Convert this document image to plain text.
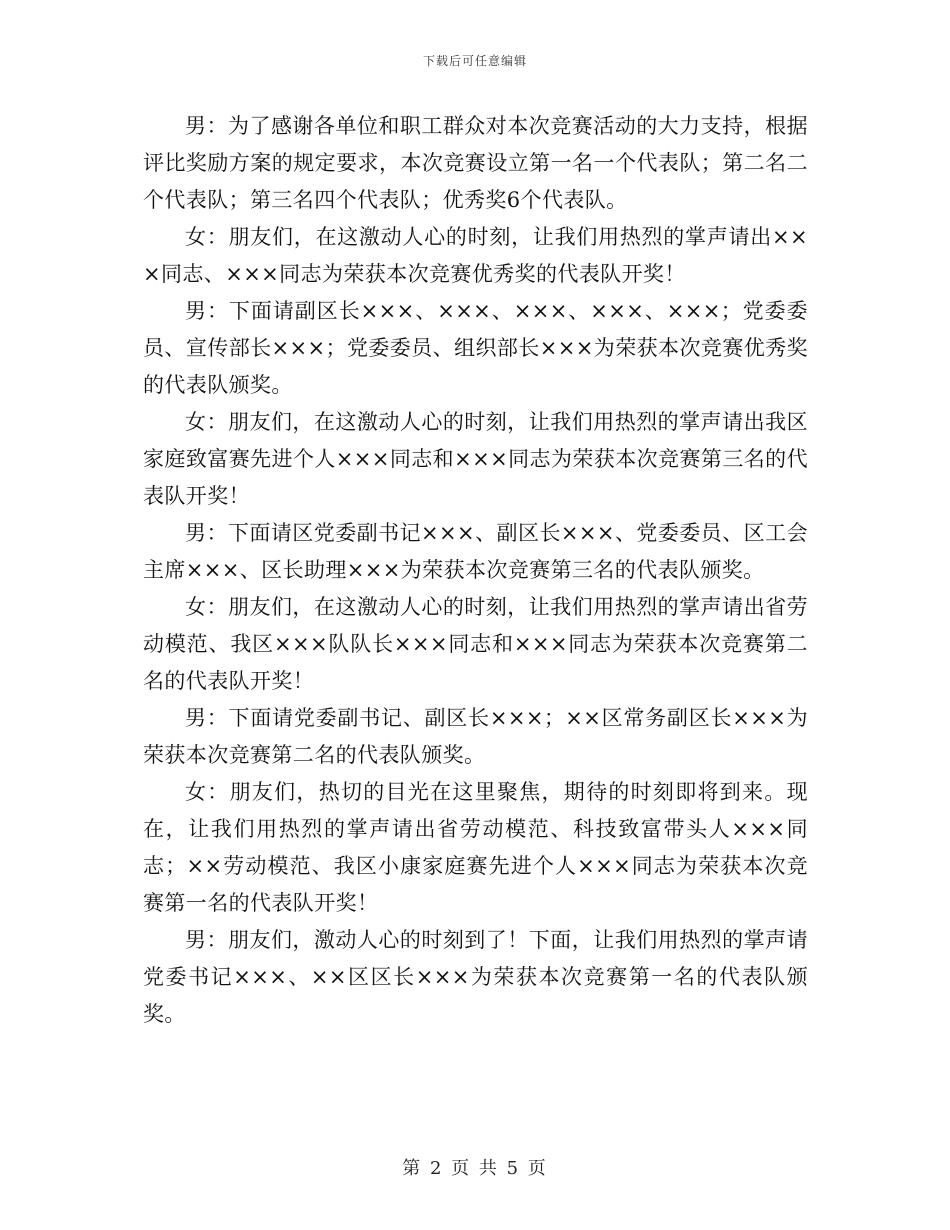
下载后可任意编辑

男：为了感谢各单位和职工群众对本次竞赛活动的大力支持，根据评比奖励方案的规定要求，本次竞赛设立第一名一个代表队；第二名二个代表队；第三名四个代表队；优秀奖6个代表队。

女：朋友们，在这激动人心的时刻，让我们用热烈的掌声请出×××同志、×××同志为荣获本次竞赛优秀奖的代表队开奖！

男：下面请副区长×××、×××、×××、×××、×××；党委委员、宣传部长×××；党委委员、组织部长×××为荣获本次竞赛优秀奖的代表队颁奖。

女：朋友们，在这激动人心的时刻，让我们用热烈的掌声请出我区家庭致富赛先进个人×××同志和×××同志为荣获本次竞赛第三名的代表队开奖！

男：下面请区党委副书记×××、副区长×××、党委委员、区工会主席×××、区长助理×××为荣获本次竞赛第三名的代表队颁奖。

女：朋友们，在这激动人心的时刻，让我们用热烈的掌声请出省劳动模范、我区×××队队长×××同志和×××同志为荣获本次竞赛第二名的代表队开奖！

男：下面请党委副书记、副区长×××；××区常务副区长×××为荣获本次竞赛第二名的代表队颁奖。

女：朋友们，热切的目光在这里聚焦，期待的时刻即将到来。现在，让我们用热烈的掌声请出省劳动模范、科技致富带头人×××同志；××劳动模范、我区小康家庭赛先进个人×××同志为荣获本次竞赛第一名的代表队开奖！

男：朋友们，激动人心的时刻到了！下面，让我们用热烈的掌声请党委书记×××、××区区长×××为荣获本次竞赛第一名的代表队颁奖。

第 2 页 共 5 页
